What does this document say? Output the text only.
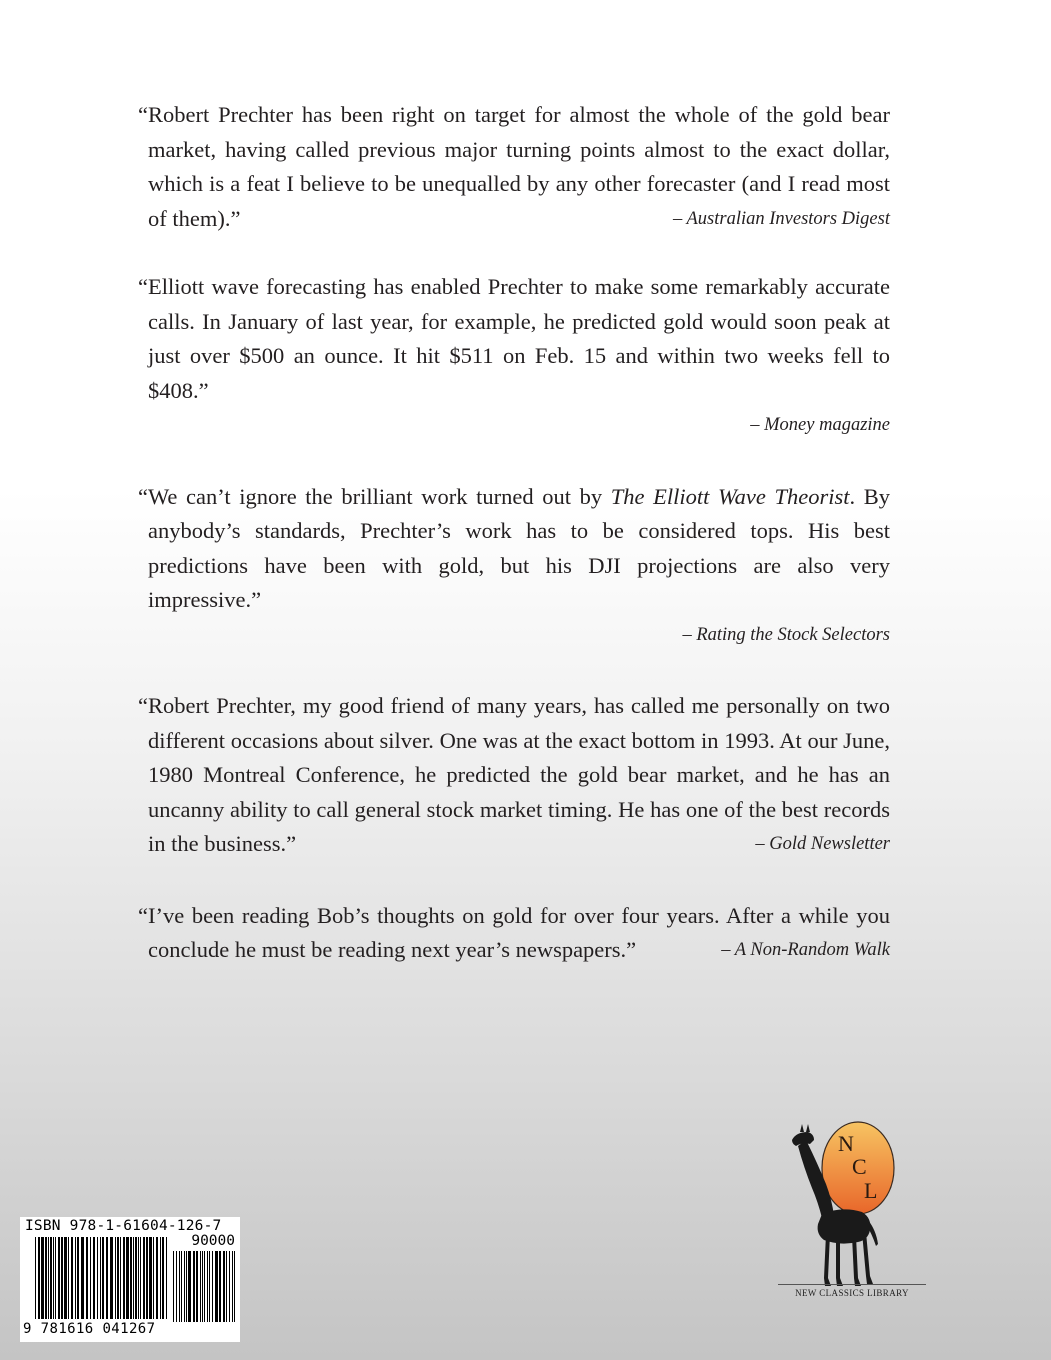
“Robert Prechter has been right on target for almost the whole of the gold bear market, having called previous major turning points almost to the exact dollar, which is a feat I believe to be unequalled by any other forecaster (and I read most of them).”	– Australian Investors Digest
“Elliott wave forecasting has enabled Prechter to make some remarkably accurate calls. In January of last year, for example, he predicted gold would soon peak at just over $500 an ounce. It hit $511 on Feb. 15 and within two weeks fell to $408.”
– Money magazine
“We can’t ignore the brilliant work turned out by The Elliott Wave Theorist. By anybody’s standards, Prechter’s work has to be considered tops. His best predictions have been with gold, but his DJI projections are also very impressive.”
– Rating the Stock Selectors
“Robert Prechter, my good friend of many years, has called me personally on two different occasions about silver. One was at the exact bottom in 1993. At our June, 1980 Montreal Conference, he predicted the gold bear market, and he has an uncanny ability to call general stock market timing. He has one of the best records in the business.”	– Gold Newsletter
“I’ve been reading Bob’s thoughts on gold for over four years. After a while you conclude he must be reading next year’s newspapers.”	– A Non-Random Walk
ISBN 978-1-61604-126-7
90000
9 781616 041267
N
C
L
NEW CLASSICS LIBRARY
